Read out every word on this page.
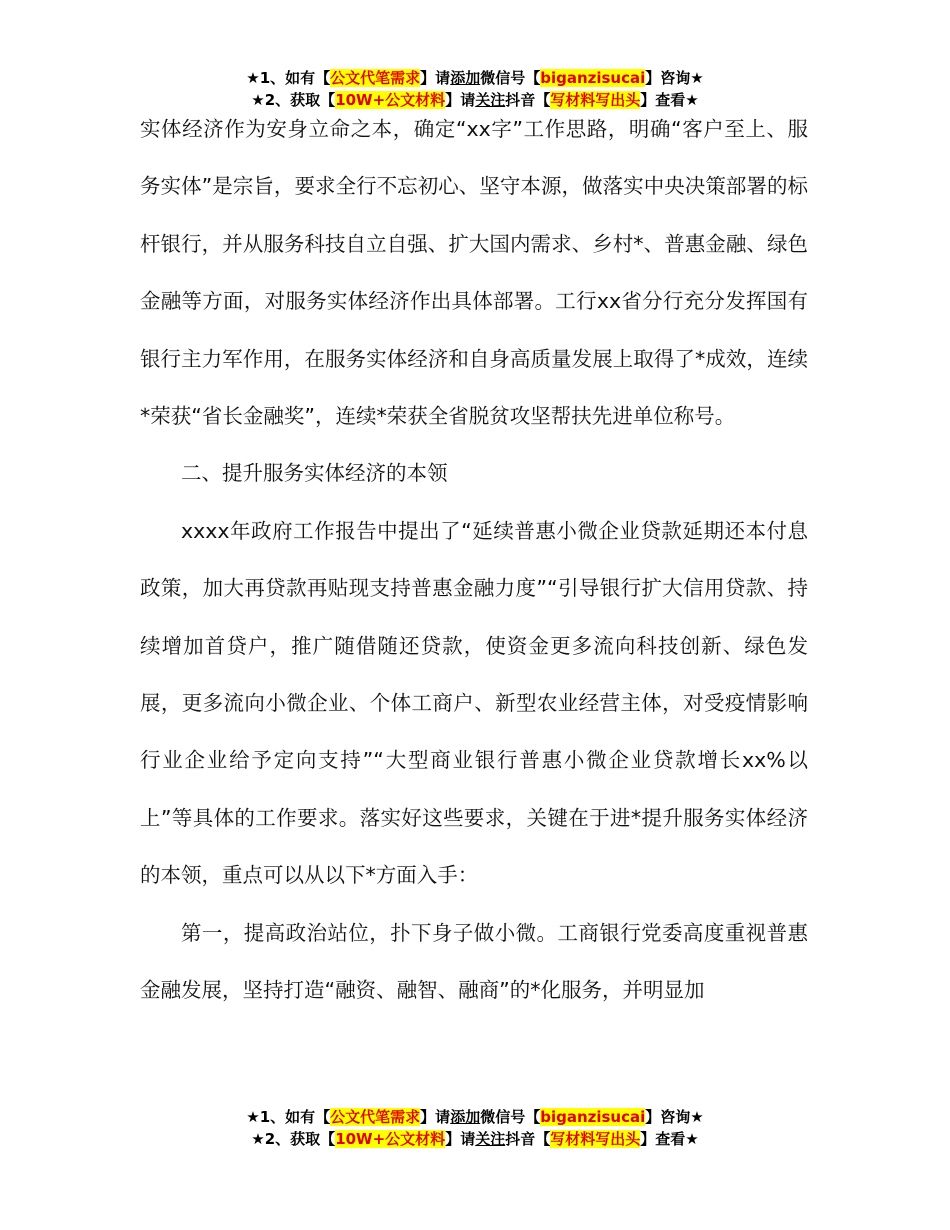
★1、如有【公文代笔需求】请添加微信号【biganzisucai】咨询★
★2、获取【10W+公文材料】请关注抖音【写材料写出头】查看★

实体经济作为安身立命之本，确定“xx字”工作思路，明确“客户至上、服务实体”是宗旨，要求全行不忘初心、坚守本源，做落实中央决策部署的标杆银行，并从服务科技自立自强、扩大国内需求、乡村*、普惠金融、绿色金融等方面，对服务实体经济作出具体部署。工行xx省分行充分发挥国有银行主力军作用，在服务实体经济和自身高质量发展上取得了*成效，连续*荣获“省长金融奖”，连续*荣获全省脱贫攻坚帮扶先进单位称号。

二、提升服务实体经济的本领

xxxx年政府工作报告中提出了“延续普惠小微企业贷款延期还本付息政策，加大再贷款再贴现支持普惠金融力度”“引导银行扩大信用贷款、持续增加首贷户，推广随借随还贷款，使资金更多流向科技创新、绿色发展，更多流向小微企业、个体工商户、新型农业经营主体，对受疫情影响行业企业给予定向支持”“大型商业银行普惠小微企业贷款增长xx%以上”等具体的工作要求。落实好这些要求，关键在于进*提升服务实体经济的本领，重点可以从以下*方面入手：

第一，提高政治站位，扑下身子做小微。工商银行党委高度重视普惠金融发展，坚持打造“融资、融智、融商”的*化服务，并明显加

★1、如有【公文代笔需求】请添加微信号【biganzisucai】咨询★
★2、获取【10W+公文材料】请关注抖音【写材料写出头】查看★
